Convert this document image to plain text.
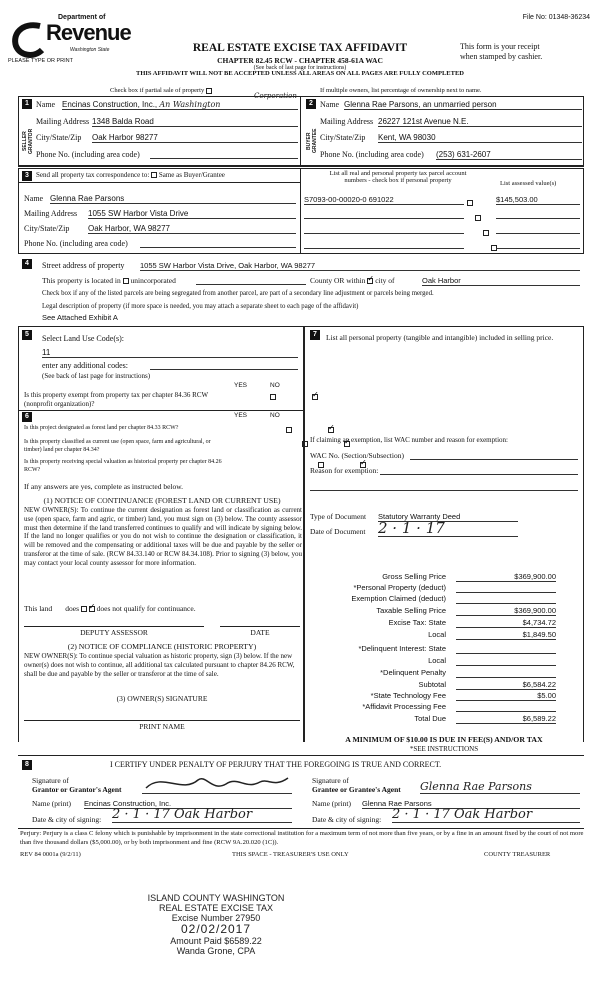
File No: 01348-36234
Department of
Revenue
Washington State
PLEASE TYPE OR PRINT
REAL ESTATE EXCISE TAX AFFIDAVIT
CHAPTER 82.45 RCW - CHAPTER 458-61A WAC
(See back of last page for instructions)
This form is your receipt
when stamped by cashier.
THIS AFFIDAVIT WILL NOT BE ACCEPTED UNLESS ALL AREAS ON ALL PAGES ARE FULLY COMPLETED
Check box if partial sale of property	If multiple owners, list percentage of ownership next to name.
1	2
SELLER GRANTOR	BUYER GRANTEE
Name Encinas Construction, Inc., An Washington
Corporation
Mailing Address 1348 Balda Road
City/State/Zip Oak Harbor 98277
Phone No. (including area code)
Name Glenna Rae Parsons, an unmarried person
Mailing Address 26227 121st Avenue N.E.
City/State/Zip Kent, WA 98030
Phone No. (including area code) (253) 631-2607
3	Send all property tax correspondence to: Same as Buyer/Grantee
Name Glenna Rae Parsons
Mailing Address 1055 SW Harbor Vista Drive
City/State/Zip Oak Harbor, WA 98277
Phone No. (including area code)
List all real and personal property tax parcel account
numbers - check box if personal property	List assessed value(s)
S7093-00-00020-0 691022
	$145,503.00
4	Street address of property 1055 SW Harbor Vista Drive, Oak Harbor, WA 98277
This property is located in unincorporated	County OR within ✓ city of	Oak Harbor
Check box if any of the listed parcels are being segregated from another parcel, are part of a secondary line adjustment or parcels being merged.
Legal description of property (if more space is needed, you may attach a separate sheet to each page of the affidavit)
See Attached Exhibit A
5	Select Land Use Code(s):
11
enter any additional codes:
(See back of last page for instructions)
YES	NO
Is this property exempt from property tax per chapter 84.36 RCW (nonprofit organization)?
✓
6	YES	NO
Is this project designated as forest land per chapter 84.33 RCW?
✓
Is this property classified as current use (open space, farm and agricultural, or timber) land per chapter 84.34?
✓
Is this property receiving special valuation as historical property per chapter 84.26 RCW?
✓
If any answers are yes, complete as instructed below.
(1) NOTICE OF CONTINUANCE (FOREST LAND OR CURRENT USE)
NEW OWNER(S): To continue the current designation as forest land or classification as current use (open space, farm and agric, or timber) land, you must sign on (3) below. The county assessor must then determine if the land transferred continues to qualify and will indicate by signing below. If the land no longer qualifies or you do not wish to continue the designation or classification, it will be removed and the compensating or additional taxes will be due and payable by the seller or transferor at the time of sale. (RCW 84.33.140 or RCW 84.34.108). Prior to signing (3) below, you may contact your local county assessor for more information.
This land does ✓ does not qualify for continuance.
DEPUTY ASSESSOR	DATE
(2) NOTICE OF COMPLIANCE (HISTORIC PROPERTY)
NEW OWNER(S): To continue special valuation as historic property, sign (3) below. If the new owner(s) does not wish to continue, all additional tax calculated pursuant to chapter 84.26 RCW, shall be due and payable by the seller or transferor at the time of sale.
(3) OWNER(S) SIGNATURE
PRINT NAME
7	List all personal property (tangible and intangible) included in selling price.
If claiming an exemption, list WAC number and reason for exemption:
WAC No. (Section/Subsection)
Reason for exemption:
Type of Document Statutory Warranty Deed
Date of Document 2 · 1 · 17
Gross Selling Price	$369,900.00
*Personal Property (deduct)
Exemption Claimed (deduct)
Taxable Selling Price	$369,900.00
Excise Tax: State	$4,734.72
Local	$1,849.50
*Delinquent Interest: State
Local
*Delinquent Penalty
Subtotal	$6,584.22
*State Technology Fee	$5.00
*Affidavit Processing Fee
Total Due	$6,589.22
A MINIMUM OF $10.00 IS DUE IN FEE(S) AND/OR TAX
*SEE INSTRUCTIONS
8	I CERTIFY UNDER PENALTY OF PERJURY THAT THE FOREGOING IS TRUE AND CORRECT.
Signature of
Grantor or Grantor's Agent
Name (print) Encinas Construction, Inc.
Date & city of signing: 2 · 1 · 17 Oak Harbor
Signature of
Grantee or Grantee's Agent Glenna Rae Parsons
Name (print) Glenna Rae Parsons
Date & city of signing: 2 · 1 · 17 Oak Harbor
Perjury: Perjury is a class C felony which is punishable by imprisonment in the state correctional institution for a maximum term of not more than five years, or by a fine in an amount fixed by the court of not more than five thousand dollars ($5,000.00), or by both imprisonment and fine (RCW 9A.20.020 (1C)).
REV 84 0001a (9/2/11)	THIS SPACE - TREASURER'S USE ONLY	COUNTY TREASURER
ISLAND COUNTY WASHINGTON
REAL ESTATE EXCISE TAX
Excise Number 27950
02/02/2017
Amount Paid $6589.22
Wanda Grone, CPA
